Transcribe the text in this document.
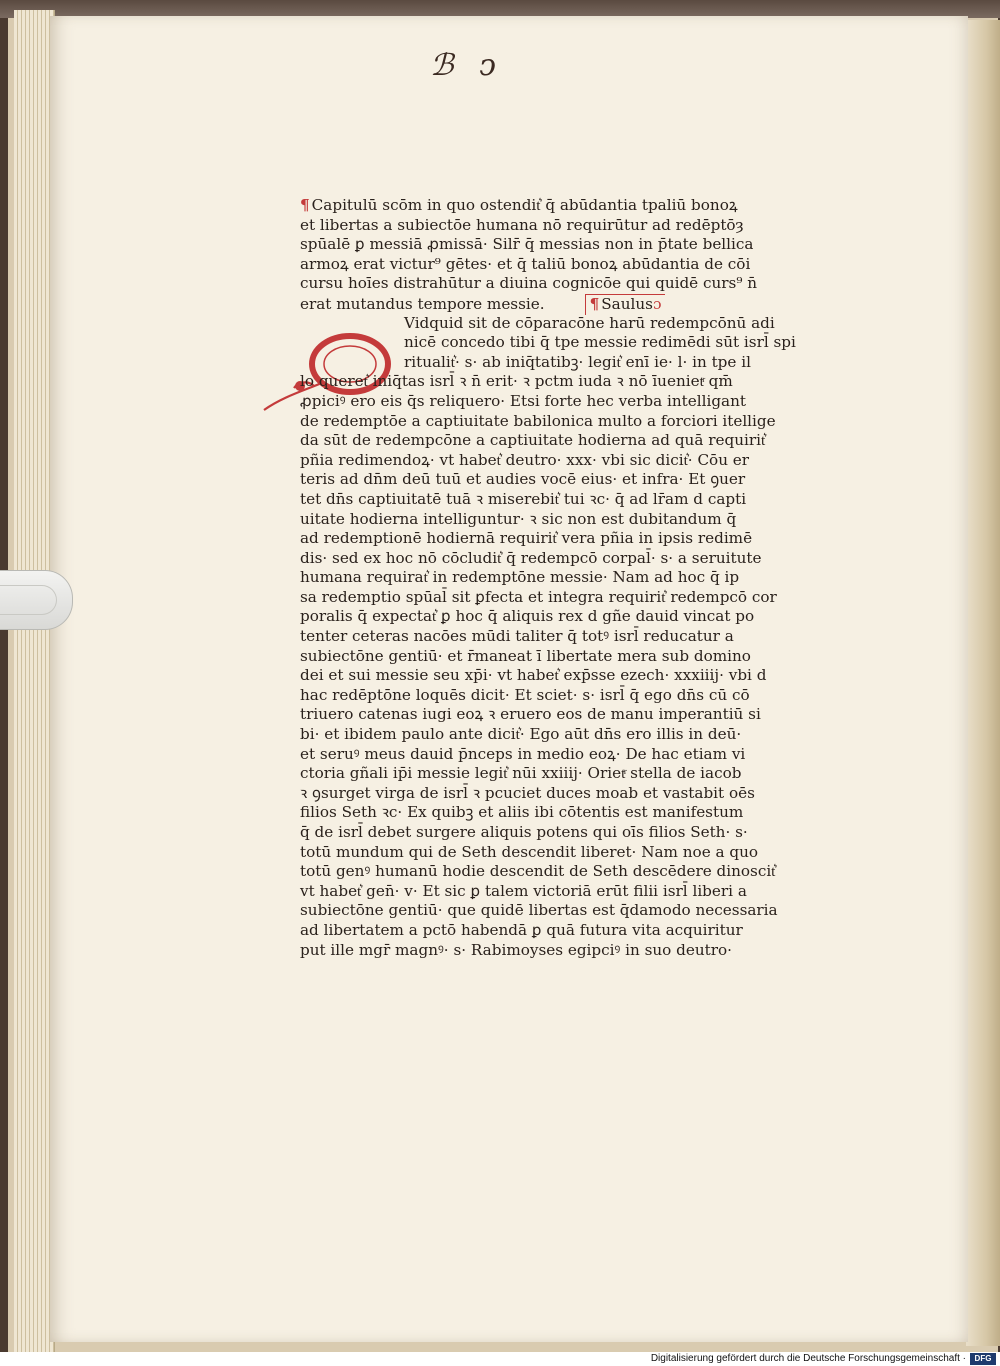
ℬ ↄ
¶ Capitulū scōm in quo ostendit͛ q̄ abūdantia tpaliū bonoꝝ
et libertas a subiectōe humana nō requirūtur ad redēptōȝ
spūalē ꝑ messiā ꝓmissā· Silr̄ q̄ messias non in p̄tate bellica
armoꝝ erat victur⁹ gētes· et q̄ taliū bonoꝝ abūdantia de cōi
cursu hoīes distrahūtur a diuina cognicōe qui quidē curs⁹ n̄
erat mutandus tempore messie.	¶ Saulusɔ
Vidquid sit de cōparacōne harū redempcōnū adi
nicē concedo tibi q̄ tpe messie redimēdi sūt isrl̄ spi
ritualit͛· s· ab iniq̄tatibꝫ· legit͛ enī ie· l· in tpe il
lo queret͛ iniq̄tas isrl̄ ꝛ n̄ erit· ꝛ pctm iuda ꝛ nō īuenietͬ qm̄
ꝓpiciꝰ ero eis q̄s reliquero· Etsi forte hec verba intelligant
de redemptōe a captiuitate babilonica multo a forciori itellige
da sūt de redempcōne a captiuitate hodierna ad quā requirit͛
pñia redimendoꝝ· vt habet͛ deutro· xxx· vbi sic dicit͛· Cōu er
teris ad dn̄m deū tuū et audies vocē eius· et infra· Et ꝯuer
tet dn̄s captiuitatē tuā ꝛ miserebit͛ tui ꝛc· q̄ ad lr̄am d capti
uitate hodierna intelliguntur· ꝛ sic non est dubitandum q̄
ad redemptionē hodiernā requirit͛ vera pñia in ipsis redimē
dis· sed ex hoc nō cōcludit͛ q̄ redempcō corpal̄· s· a seruitute
humana requirat͛ in redemptōne messie· Nam ad hoc q̄ ip
sa redemptio spūal̄ sit ꝑfecta et integra requirit͛ redempcō cor
poralis q̄ expectat͛ ꝑ hoc q̄ aliquis rex d gñe dauid vincat po
tenter ceteras nacōes mūdi taliter q̄ totꝰ isrl̄ reducatur a
subiectōne gentiū· et r̄maneat ī libertate mera sub domino
dei et sui messie seu xp̄i· vt habet͛ exp̄sse ezech· xxxiiij· vbi d
hac redēptōne loquēs dicit· Et sciet· s· isrl̄ q̄ ego dn̄s cū cō
triuero catenas iugi eoꝝ ꝛ eruero eos de manu imperantiū si
bi· et ibidem paulo ante dicit͛· Ego aūt dn̄s ero illis in deū·
et seruꝰ meus dauid p̄nceps in medio eoꝝ· De hac etiam vi
ctoria gñali ip̄i messie legit͛ nūi xxiiij· Orietͬ stella de iacob
ꝛ ꝯsurget virga de isrl̄ ꝛ pcuciet duces moab et vastabit oēs
filios Seth ꝛc· Ex quibꝫ et aliis ibi cōtentis est manifestum
q̄ de isrl̄ debet surgere aliquis potens qui oīs filios Seth· s·
totū mundum qui de Seth descendit liberet· Nam noe a quo
totū genꝰ humanū hodie descendit de Seth descēdere dinoscit͛
vt habet͛ gen̄· v· Et sic ꝑ talem victoriā erūt filii isrl̄ liberi a
subiectōne gentiū· que quidē libertas est q̄damodo necessaria
ad libertatem a pctō habendā ꝑ quā futura vita acquiritur
put ille mgr̄ magnꝰ· s· Rabimoyses egipciꝰ in suo deutro·
Digitalisierung gefördert durch die Deutsche Forschungsgemeinschaft ·	DFG
